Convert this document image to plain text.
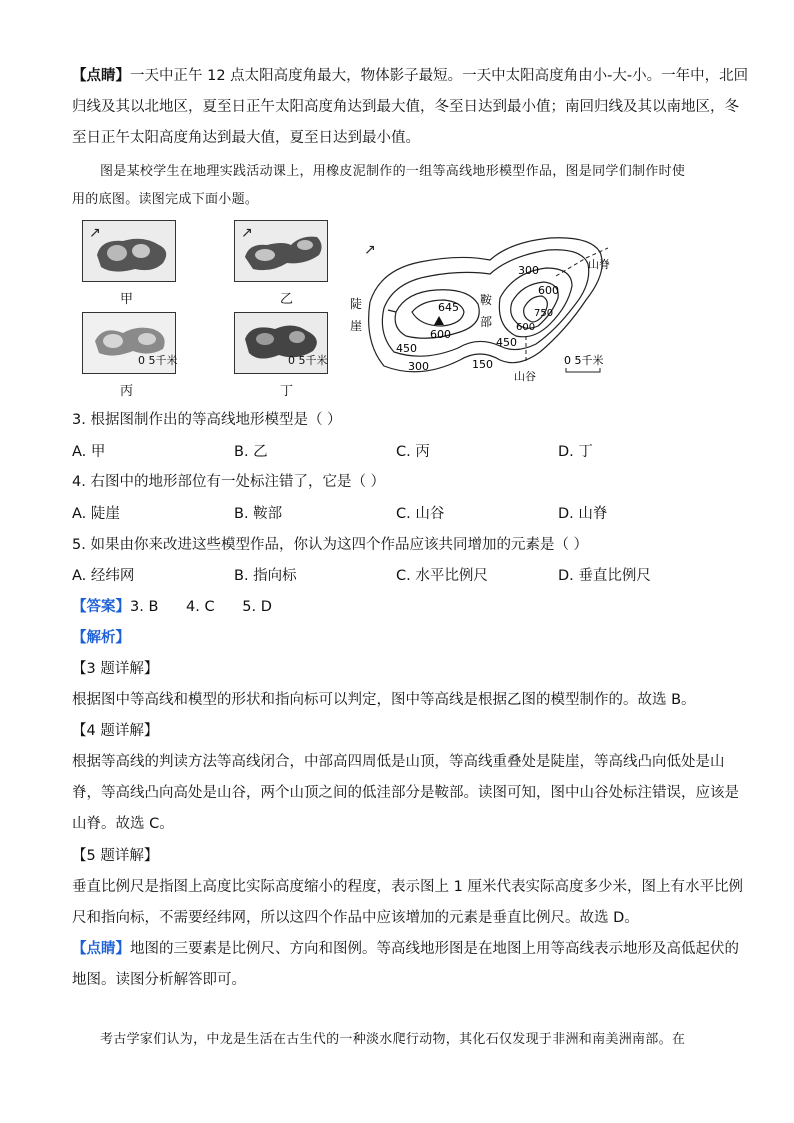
【点睛】一天中正午 12 点太阳高度角最大，物体影子最短。一天中太阳高度角由小-大-小。一年中，北回
归线及其以北地区，夏至日正午太阳高度角达到最大值，冬至日达到最小值；南回归线及其以南地区，冬
至日正午太阳高度角达到最大值，夏至日达到最小值。
图是某校学生在地理实践活动课上，用橡皮泥制作的一组等高线地形模型作品，图是同学们制作时使
用的底图。读图完成下面小题。
↗
甲
↗
乙
0 5千米
丙
0 5千米
丁
↗
300
600
645
600
450
300	150
600
750
450
陡
崖
鞍
部
山脊
山谷
0 5千米
3. 根据图制作出的等高线地形模型是（ ）
A. 甲	B. 乙	C. 丙	D. 丁
4. 右图中的地形部位有一处标注错了，它是（ ）
A. 陡崖	B. 鞍部	C. 山谷	D. 山脊
5. 如果由你来改进这些模型作品，你认为这四个作品应该共同增加的元素是（ ）
A. 经纬网	B. 指向标	C. 水平比例尺	D. 垂直比例尺
【答案】3. B      4. C      5. D
【解析】
【3 题详解】
根据图中等高线和模型的形状和指向标可以判定，图中等高线是根据乙图的模型制作的。故选 B。
【4 题详解】
根据等高线的判读方法等高线闭合，中部高四周低是山顶，等高线重叠处是陡崖，等高线凸向低处是山
脊，等高线凸向高处是山谷，两个山顶之间的低洼部分是鞍部。读图可知，图中山谷处标注错误，应该是
山脊。故选 C。
【5 题详解】
垂直比例尺是指图上高度比实际高度缩小的程度，表示图上 1 厘米代表实际高度多少米，图上有水平比例
尺和指向标，不需要经纬网，所以这四个作品中应该增加的元素是垂直比例尺。故选 D。
【点睛】地图的三要素是比例尺、方向和图例。等高线地形图是在地图上用等高线表示地形及高低起伏的
地图。读图分析解答即可。
考古学家们认为，中龙是生活在古生代的一种淡水爬行动物，其化石仅发现于非洲和南美洲南部。在
